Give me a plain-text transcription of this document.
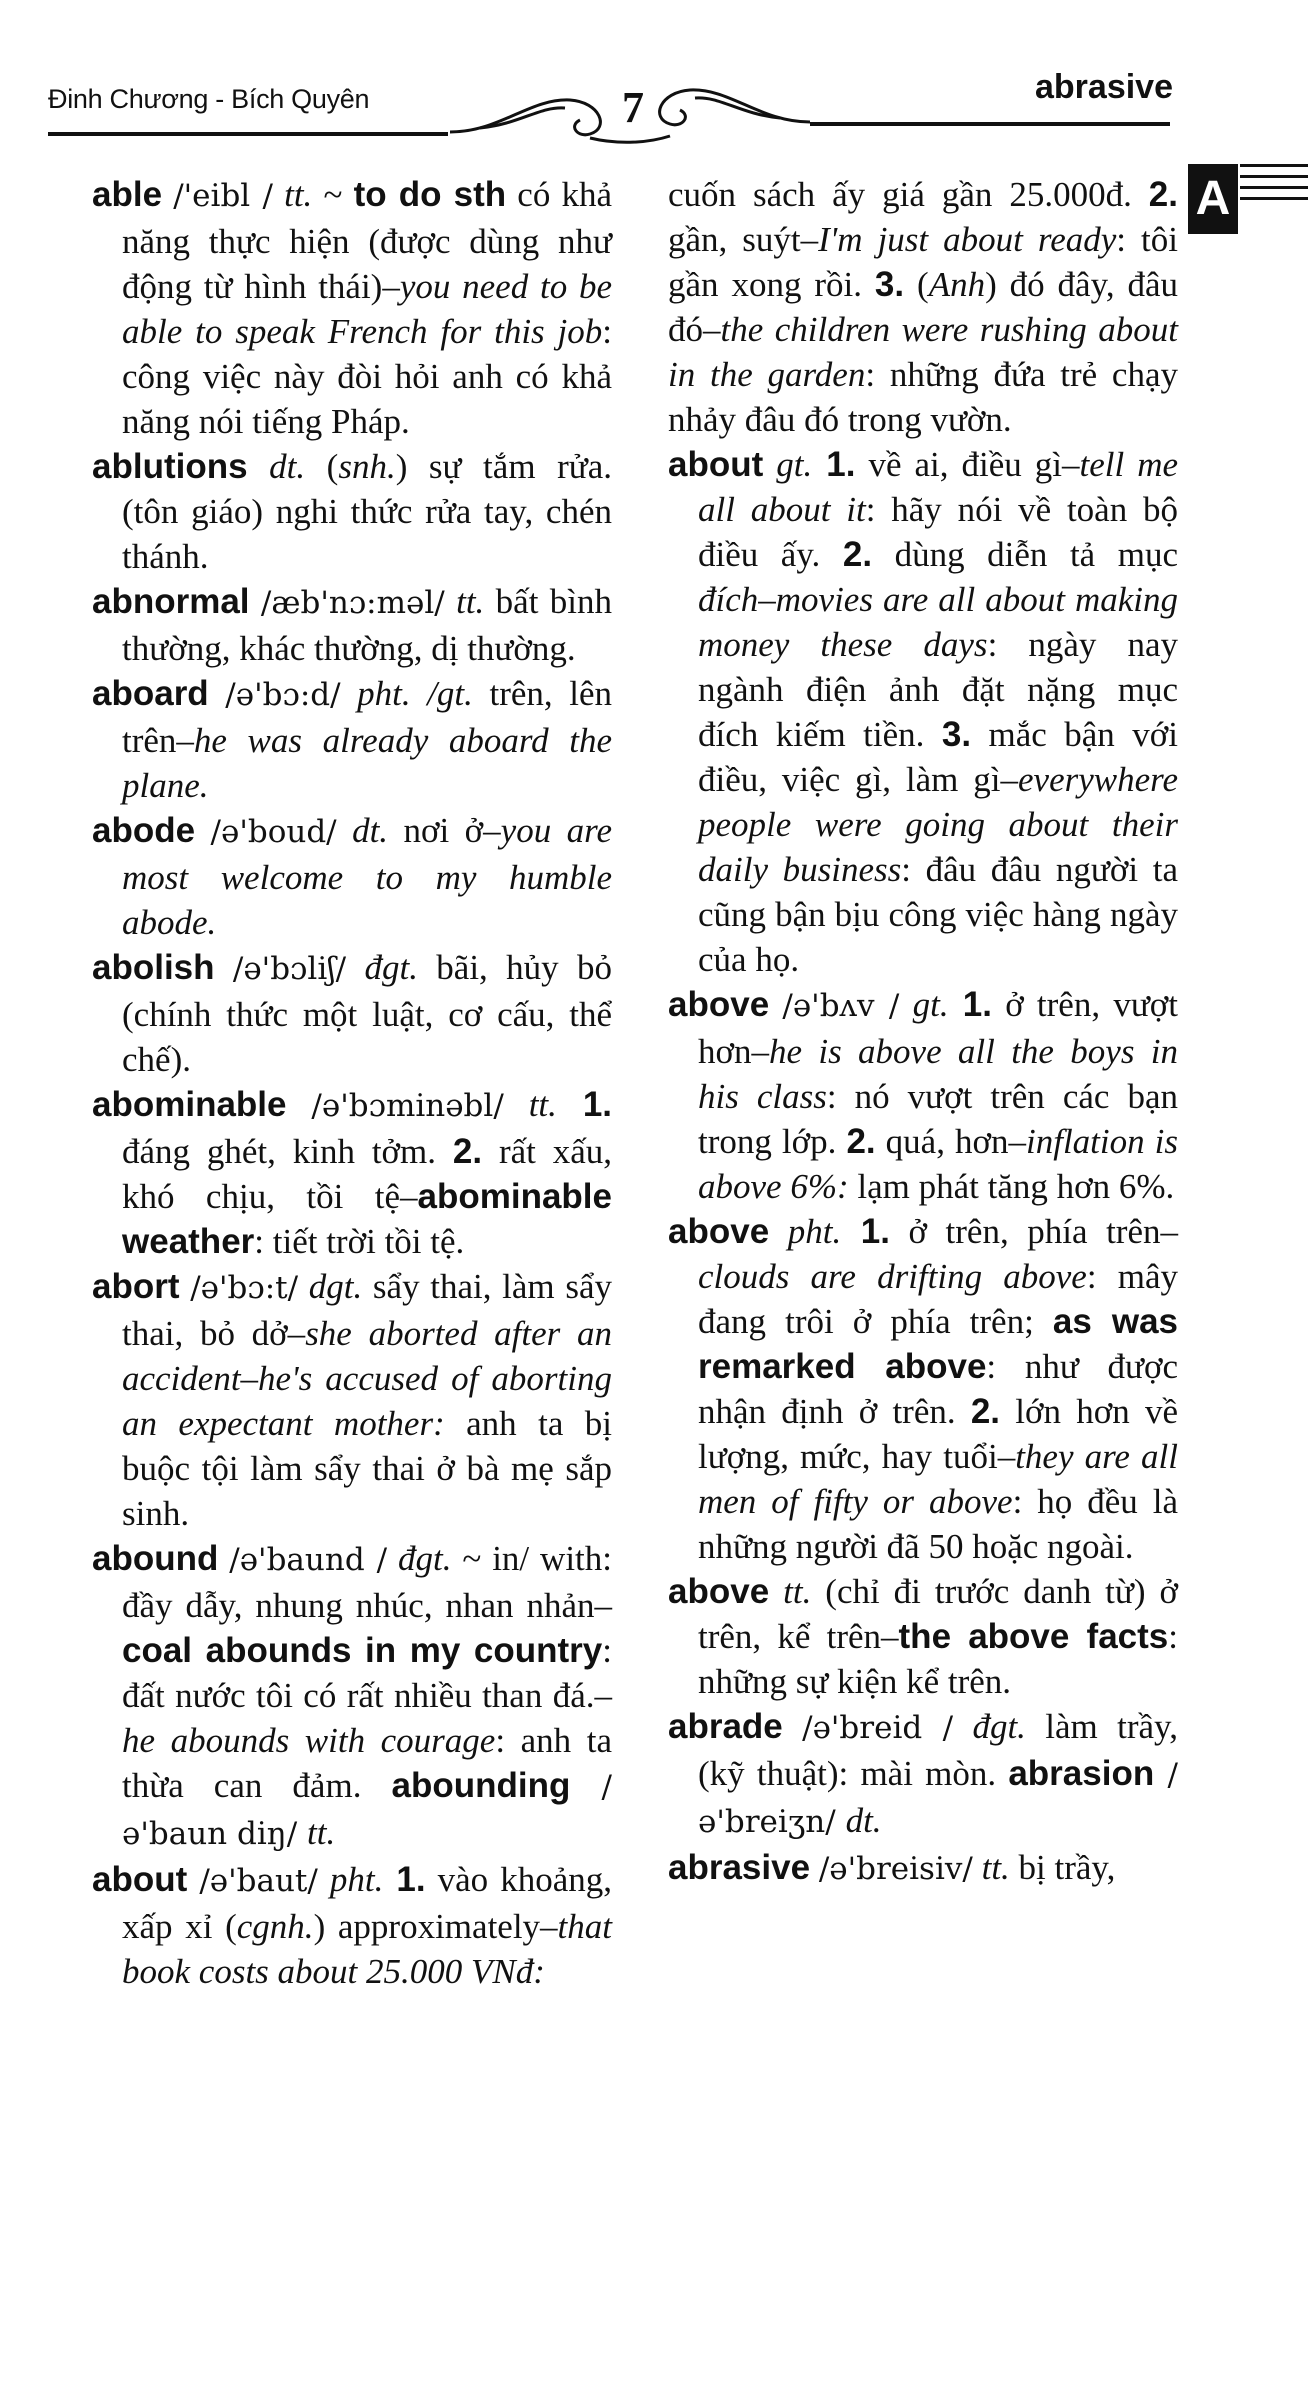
Đinh Chương - Bích Quyên	7	abrasive
A

able /'eibl / tt. ~ to do sth có khả năng thực hiện (được dùng như động từ hình thái)–you need to be able to speak French for this job: công việc này đòi hỏi anh có khả năng nói tiếng Pháp.

ablutions dt. (snh.) sự tắm rửa. (tôn giáo) nghi thức rửa tay, chén thánh.

abnormal /æb'nɔ:məl/ tt. bất bình thường, khác thường, dị thường.

aboard /ə'bɔ:d/ pht. /gt. trên, lên trên–he was already aboard the plane.

abode /ə'boud/ dt. nơi ở–you are most welcome to my humble abode.

abolish /ə'bɔliʃ/ đgt. bãi, hủy bỏ (chính thức một luật, cơ cấu, thể chế).

abominable /ə'bɔminəbl/ tt. 1. đáng ghét, kinh tởm. 2. rất xấu, khó chịu, tồi tệ–abominable weather: tiết trời tồi tệ.

abort /ə'bɔ:t/ dgt. sẩy thai, làm sẩy thai, bỏ dở–she aborted after an accident–he's accused of aborting an expectant mother: anh ta bị buộc tội làm sẩy thai ở bà mẹ sắp sinh.

abound /ə'baund / đgt. ~ in/ with: đầy dẫy, nhung nhúc, nhan nhản–coal abounds in my country: đất nước tôi có rất nhiều than đá.–he abounds with courage: anh ta thừa can đảm. abounding /ə'baun diŋ/ tt.

about /ə'baut/ pht. 1. vào khoảng, xấp xỉ (cgnh.) approximately–that book costs about 25.000 VNđ:

cuốn sách ấy giá gần 25.000đ. 2. gần, suýt–I'm just about ready: tôi gần xong rồi. 3. (Anh) đó đây, đâu đó–the children were rushing about in the garden: những đứa trẻ chạy nhảy đâu đó trong vườn.

about gt. 1. về ai, điều gì–tell me all about it: hãy nói về toàn bộ điều ấy. 2. dùng diễn tả mục đích–movies are all about making money these days: ngày nay ngành điện ảnh đặt nặng mục đích kiếm tiền. 3. mắc bận với điều, việc gì, làm gì–everywhere people were going about their daily business: đâu đâu người ta cũng bận bịu công việc hàng ngày của họ.

above /ə'bʌv / gt. 1. ở trên, vượt hơn–he is above all the boys in his class: nó vượt trên các bạn trong lớp. 2. quá, hơn–inflation is above 6%: lạm phát tăng hơn 6%.

above pht. 1. ở trên, phía trên–clouds are drifting above: mây đang trôi ở phía trên; as was remarked above: như được nhận định ở trên. 2. lớn hơn về lượng, mức, hay tuổi–they are all men of fifty or above: họ đều là những người đã 50 hoặc ngoài.

above tt. (chỉ đi trước danh từ) ở trên, kể trên–the above facts: những sự kiện kể trên.

abrade /ə'breid / đgt. làm trầy, (kỹ thuật): mài mòn. abrasion /ə'breiʒn/ dt.

abrasive /ə'breisiv/ tt. bị trầy,
